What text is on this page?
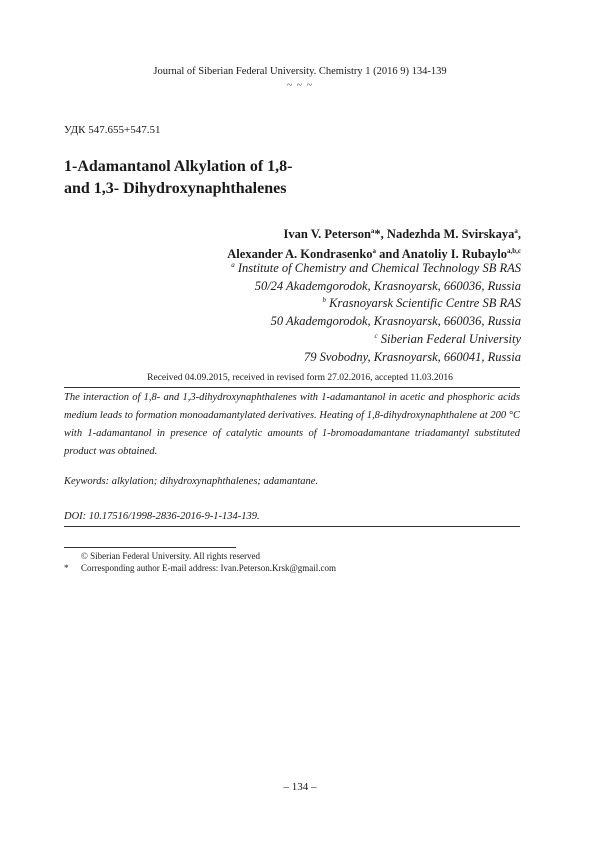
Journal of Siberian Federal University. Chemistry 1 (2016 9) 134-139
~ ~ ~
УДК 547.655+547.51
1-Adamantanol Alkylation of 1,8-
and 1,3- Dihydroxynaphthalenes
Ivan V. Peterson$^a$*, Nadezhda M. Svirskaya$^a$,
Alexander A. Kondrasenko$^a$ and Anatoliy I. Rubaylo$^{a,b,c}$
$^a$ Institute of Chemistry and Chemical Technology SB RAS
50/24 Akademgorodok, Krasnoyarsk, 660036, Russia
$^b$ Krasnoyarsk Scientific Centre SB RAS
50 Akademgorodok, Krasnoyarsk, 660036, Russia
$^c$ Siberian Federal University
79 Svobodny, Krasnoyarsk, 660041, Russia
Received 04.09.2015, received in revised form 27.02.2016, accepted 11.03.2016
The interaction of 1,8- and 1,3-dihydroxynaphthalenes with 1-adamantanol in acetic and phosphoric acids medium leads to formation monoadamantylated derivatives. Heating of 1,8-dihydroxynaphthalene at 200 °C with 1-adamantanol in presence of catalytic amounts of 1-bromoadamantane triadamantyl substituted product was obtained.
Keywords: alkylation; dihydroxynaphthalenes; adamantane.
DOI: 10.17516/1998-2836-2016-9-1-134-139.
© Siberian Federal University. All rights reserved
* Corresponding author E-mail address: Ivan.Peterson.Krsk@gmail.com
– 134 –
